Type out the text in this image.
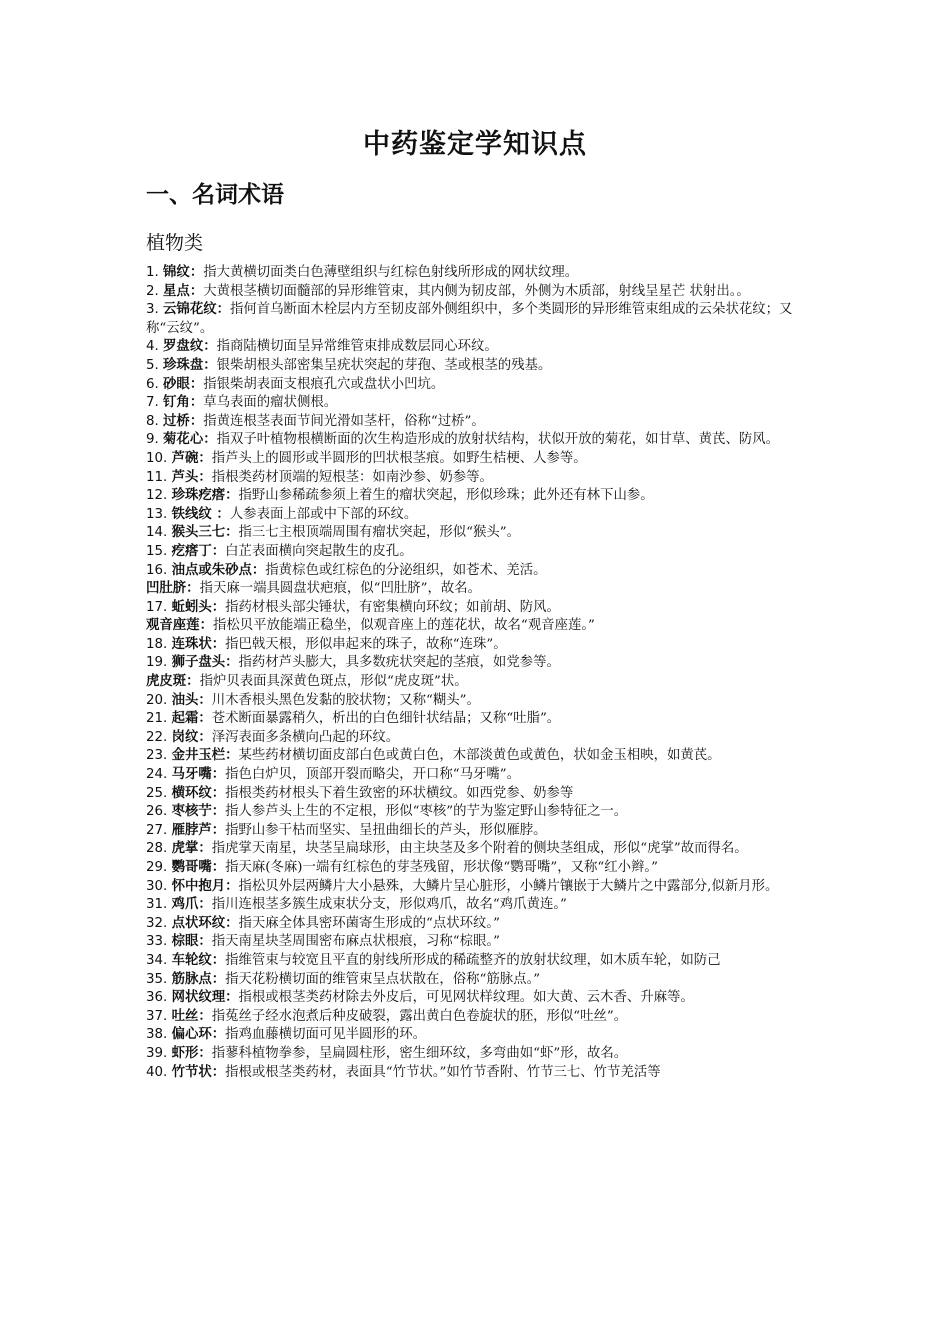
中药鉴定学知识点
一、名词术语
植物类
1. 锦纹：指大黄横切面类白色薄壁组织与红棕色射线所形成的网状纹理。
2. 星点：大黄根茎横切面髓部的异形维管束，其内侧为韧皮部，外侧为木质部，射线呈星芒 状射出。。
3. 云锦花纹：指何首乌断面木栓层内方至韧皮部外侧组织中，多个类圆形的异形维管束组成的云朵状花纹；又称“云纹”。
4. 罗盘纹：指商陆横切面呈异常维管束排成数层同心环纹。
5. 珍珠盘：银柴胡根头部密集呈疣状突起的芽孢、茎或根茎的残基。
6. 砂眼：指银柴胡表面支根痕孔穴或盘状小凹坑。
7. 钉角：草乌表面的瘤状侧根。
8. 过桥：指黄连根茎表面节间光滑如茎杆，俗称“过桥”。
9. 菊花心：指双子叶植物根横断面的次生构造形成的放射状结构，状似开放的菊花，如甘草、黄芪、防风。
10. 芦碗：指芦头上的圆形或半圆形的凹状根茎痕。如野生桔梗、人参等。
11. 芦头：指根类药材顶端的短根茎：如南沙参、奶参等。
12. 珍珠疙瘩：指野山参稀疏参须上着生的瘤状突起，形似珍珠；此外还有林下山参。
13. 铁线纹 ：人参表面上部或中下部的环纹。
14. 猴头三七：指三七主根顶端周围有瘤状突起，形似“猴头”。
15. 疙瘩丁：白芷表面横向突起散生的皮孔。
16. 油点或朱砂点：指黄棕色或红棕色的分泌组织，如苍术、羌活。
凹肚脐：指天麻一端具圆盘状疤痕，似“凹肚脐”，故名。
17. 蚯蚓头：指药材根头部尖锤状，有密集横向环纹；如前胡、防风。
观音座莲：指松贝平放能端正稳坐，似观音座上的莲花状，故名“观音座莲。”
18. 连珠状：指巴戟天根，形似串起来的珠子，故称“连珠”。
19. 狮子盘头：指药材芦头膨大，具多数疣状突起的茎痕，如党参等。
虎皮斑：指炉贝表面具深黄色斑点，形似“虎皮斑”状。
20. 油头：川木香根头黑色发黏的胶状物；又称“糊头”。
21. 起霜：苍术断面暴露稍久，析出的白色细针状结晶；又称“吐脂”。
22. 岗纹：泽泻表面多条横向凸起的环纹。
23. 金井玉栏：某些药材横切面皮部白色或黄白色，木部淡黄色或黄色，状如金玉相映，如黄芪。
24. 马牙嘴：指色白炉贝，顶部开裂而略尖，开口称“马牙嘴”。
25. 横环纹：指根类药材根头下着生致密的环状横纹。如西党参、奶参等
26. 枣核艼：指人参芦头上生的不定根，形似“枣核”的艼为鉴定野山参特征之一。
27. 雁脖芦：指野山参干枯而坚实、呈扭曲细长的芦头，形似雁脖。
28. 虎掌：指虎掌天南星，块茎呈扁球形，由主块茎及多个附着的侧块茎组成，形似“虎掌”故而得名。
29. 鹦哥嘴：指天麻(冬麻)一端有红棕色的芽茎残留，形状像“鹦哥嘴”，又称“红小辫。”
30. 怀中抱月：指松贝外层两鳞片大小悬殊，大鳞片呈心脏形，小鳞片镶嵌于大鳞片之中露部分,似新月形。
31. 鸡爪：指川连根茎多簇生成束状分支，形似鸡爪，故名“鸡爪黄连。”
32. 点状环纹：指天麻全体具密环菌寄生形成的“点状环纹。”
33. 棕眼：指天南星块茎周围密布麻点状根痕，习称“棕眼。”
34. 车轮纹：指维管束与较宽且平直的射线所形成的稀疏整齐的放射状纹理，如木质车轮，如防己
35. 筋脉点：指天花粉横切面的维管束呈点状散在，俗称“筋脉点。”
36. 网状纹理：指根或根茎类药材除去外皮后，可见网状样纹理。如大黄、云木香、升麻等。
37. 吐丝：指菟丝子经水泡煮后种皮破裂，露出黄白色卷旋状的胚，形似“吐丝”。
38. 偏心环：指鸡血藤横切面可见半圆形的环。
39. 虾形：指蓼科植物拳参，呈扁圆柱形，密生细环纹，多弯曲如“虾”形，故名。
40. 竹节状：指根或根茎类药材，表面具“竹节状。”如竹节香附、竹节三七、竹节羌活等
